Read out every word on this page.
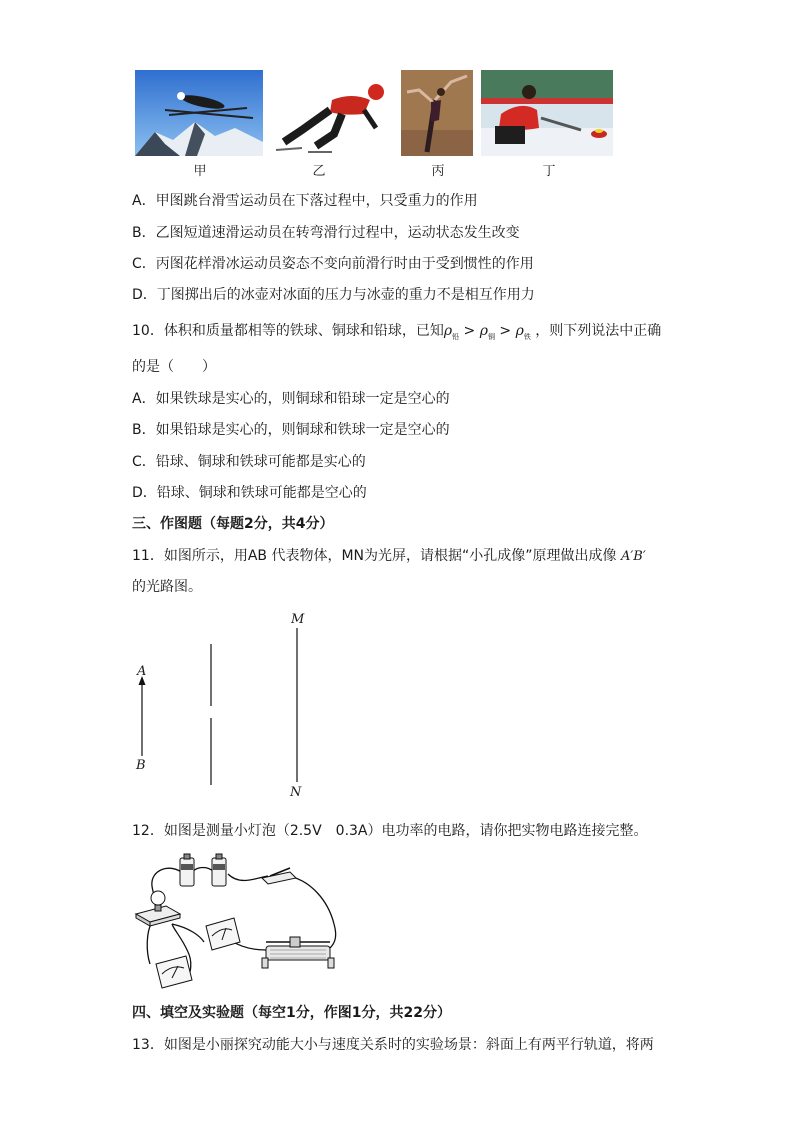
甲	乙	丙	丁
A．甲图跳台滑雪运动员在下落过程中，只受重力的作用
B．乙图短道速滑运动员在转弯滑行过程中，运动状态发生改变
C．丙图花样滑冰运动员姿态不变向前滑行时由于受到惯性的作用
D．丁图掷出后的冰壶对冰面的压力与冰壶的重力不是相互作用力
10．体积和质量都相等的铁球、铜球和铅球，已知$\rho_铅 > \rho_铜 > \rho_铁$ ，则下列说法中正确
的是（　　）
A．如果铁球是实心的，则铜球和铅球一定是空心的
B．如果铅球是实心的，则铜球和铁球一定是空心的
C．铅球、铜球和铁球可能都是实心的
D．铅球、铜球和铁球可能都是空心的
三、作图题（每题2分，共4分）
11．如图所示，用AB 代表物体，MN为光屏，请根据“小孔成像”原理做出成像 A′B′
的光路图。
A
B
M
N
12．如图是测量小灯泡（2.5V　0.3A）电功率的电路，请你把实物电路连接完整。
四、填空及实验题（每空1分，作图1分，共22分）
13．如图是小丽探究动能大小与速度关系时的实验场景：斜面上有两平行轨道，将两
